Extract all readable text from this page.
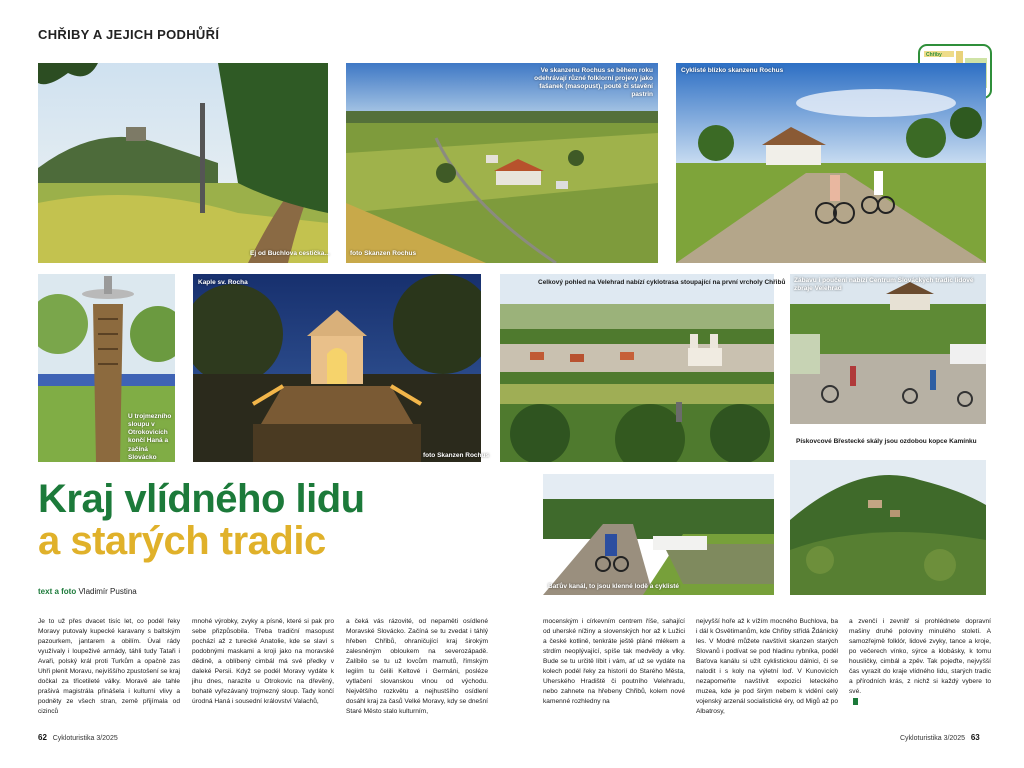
CHŘIBY A JEJICH PODHŮŘÍ
Chřiby
Ej od Buchlova cestička...
Ve skanzenu Rochus se během roku odehrávají různé folklorní projevy jako fašanek (masopust), poutě či stavění pastrin
foto Skanzen Rochus
Cyklisté blízko skanzenu Rochus
U trojmezního sloupu v Otrokovicích končí Haná a začíná Slovácko
Kaple sv. Rocha
foto Skanzen Rochus
Celkový pohled na Velehrad nabízí cyklotrasa stoupající na první vrcholy Chřibů Zábavu i poučení nabízí Centrum Slováckých tradic lidové zbraje Velehrad
Pískovcové Břestecké skály jsou ozdobou kopce Kamínku
Baťův kanál, to jsou klenné lodě a cyklisté
Kraj vlídného lidu
a starých tradic
text a foto Vladimír Pustina

Je to už přes dvacet tisíc let, co podél řeky Moravy putovaly kupecké karavany s baltským pazourkem, jantarem a obilím. Úval rády využívaly i loupeživé armády, táhli tudy Tataři i Avaři, polský král proti Turkům a opačně zas Uhři plenit Moravu, nejvíššího zpustošení se kraj dočkal za třicetileté války. Moravě ale tahle prašivá magistrála přinášela i kulturní vlivy a podněty ze všech stran, země přijímala od cizinců

mnohé výrobky, zvyky a písně, které si pak pro sebe přizpůsobila. Třeba tradiční masopust pochází až z turecké Anatolie, kde se slaví s podobnými maskami a kroji jako na moravské dědině, a oblíbený cimbál má své předky v daleké Persii. Když se podél Moravy vydáte k jihu dnes, narazíte u Otrokovic na dřevěný, bohatě vyřezávaný trojmezný sloup. Tady končí úrodná Haná i sousední království Valachů,

a čeká vás rázovité, od nepaměti osídlené Moravské Slovácko. Začíná se tu zvedat i táhlý hřeben Chřibů, ohraničující kraj širokým zalesněným obloukem na severozápadě. Zalíbilo se tu už lovcům mamutů, římským legiím tu čelili Keltové i Germáni, posléze vytlačení slovanskou vlnou od východu. Největšího rozkvětu a nejhustšího osídlení dosáhl kraj za časů Velké Moravy, kdy se dnešní Staré Město stalo kulturním,

mocenským i církevním centrem říše, sahající od uherské nížiny a slovenských hor až k Lužici a české kotlině, tenkráte ještě pláné mlékem a strdím neoplývající, spíše tak medvědy a vlky. Bude se tu určitě líbit i vám, ať už se vydáte na kolech podél řeky za historií do Starého Města, Uherského Hradiště či poutního Velehradu, nebo zahnete na hřebeny Chřibů, kolem nové kamenné rozhledny na

nejvyšší hoře až k vížím mocného Buchlova, ba i dál k Osvětimanům, kde Chřiby střídá Ždánický les. V Modré můžete navštívit skanzen starých Slovanů i podívat se pod hladinu rybníka, podél Baťova kanálu si užít cyklistickou dálnici, či se nalodit i s koly na výletní loď. V Kunovicích nezapomeňte navštívit expozici leteckého muzea, kde je pod širým nebem k vidění celý vojenský arzenál socialistické éry, od Migů až po Albatrosy,

a zvenčí i zevnitř si prohlédnete dopravní mašiny druhé poloviny minulého století. A samozřejmě folklór, lidové zvyky, tance a kroje, po večerech vínko, sýrce a klobásky, k tomu housličky, cimbál a zpěv. Tak pojeďte, nejvyšší čas vyrazit do kraje vlídného lidu, starých tradic a přírodních krás, z nichž si každý vybere to své.

62 Cykloturistika 3/2025	Cykloturistika 3/2025 63
